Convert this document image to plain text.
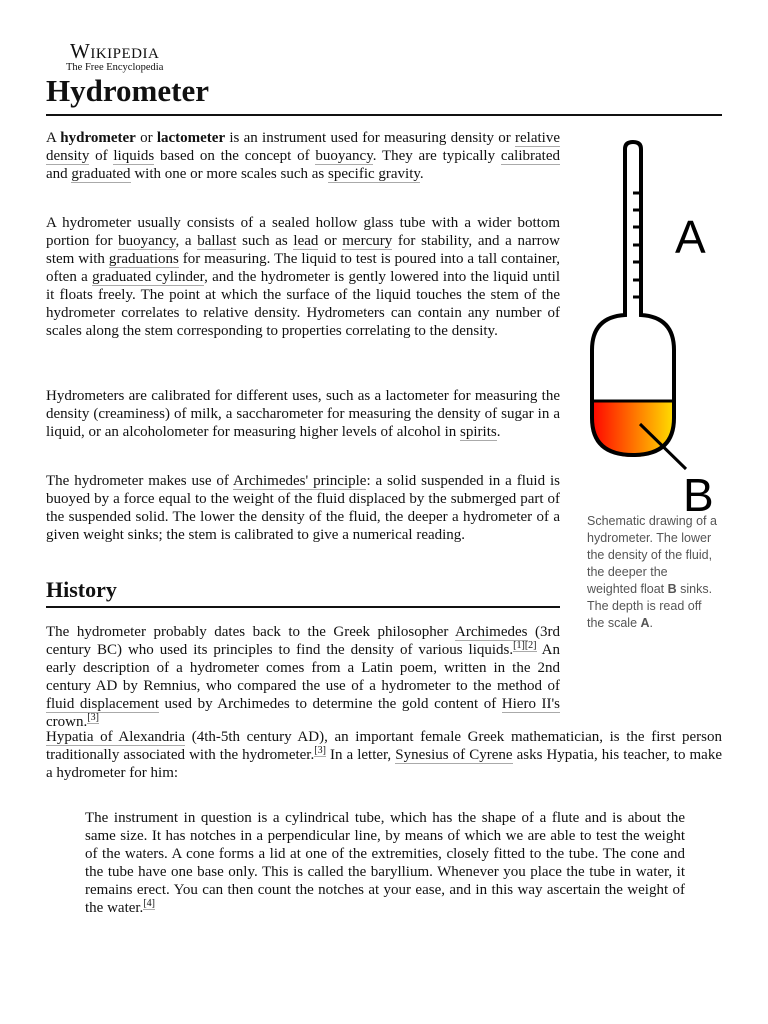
Wikipedia
The Free Encyclopedia
Hydrometer

A hydrometer or lactometer is an instrument used for measuring density or relative density of liquids based on the concept of buoyancy. They are typically calibrated and graduated with one or more scales such as specific gravity.

A hydrometer usually consists of a sealed hollow glass tube with a wider bottom portion for buoyancy, a ballast such as lead or mercury for stability, and a narrow stem with graduations for measuring. The liquid to test is poured into a tall container, often a graduated cylinder, and the hydrometer is gently lowered into the liquid until it floats freely. The point at which the surface of the liquid touches the stem of the hydrometer correlates to relative density. Hydrometers can contain any number of scales along the stem corresponding to properties correlating to the density.

Hydrometers are calibrated for different uses, such as a lactometer for measuring the density (creaminess) of milk, a saccharometer for measuring the density of sugar in a liquid, or an alcoholometer for measuring higher levels of alcohol in spirits.

The hydrometer makes use of Archimedes' principle: a solid suspended in a fluid is buoyed by a force equal to the weight of the fluid displaced by the submerged part of the suspended solid. The lower the density of the fluid, the deeper a hydrometer of a given weight sinks; the stem is calibrated to give a numerical reading.

History

The hydrometer probably dates back to the Greek philosopher Archimedes (3rd century BC) who used its principles to find the density of various liquids.[1][2] An early description of a hydrometer comes from a Latin poem, written in the 2nd century AD by Remnius, who compared the use of a hydrometer to the method of fluid displacement used by Archimedes to determine the gold content of Hiero II's crown.[3]

Hypatia of Alexandria (4th-5th century AD), an important female Greek mathematician, is the first person traditionally associated with the hydrometer.[3] In a letter, Synesius of Cyrene asks Hypatia, his teacher, to make a hydrometer for him:

The instrument in question is a cylindrical tube, which has the shape of a flute and is about the same size. It has notches in a perpendicular line, by means of which we are able to test the weight of the waters. A cone forms a lid at one of the extremities, closely fitted to the tube. The cone and the tube have one base only. This is called the baryllium. Whenever you place the tube in water, it remains erect. You can then count the notches at your ease, and in this way ascertain the weight of the water.[4]

A
B
Schematic drawing of a hydrometer. The lower the density of the fluid, the deeper the weighted float B sinks. The depth is read off the scale A.
